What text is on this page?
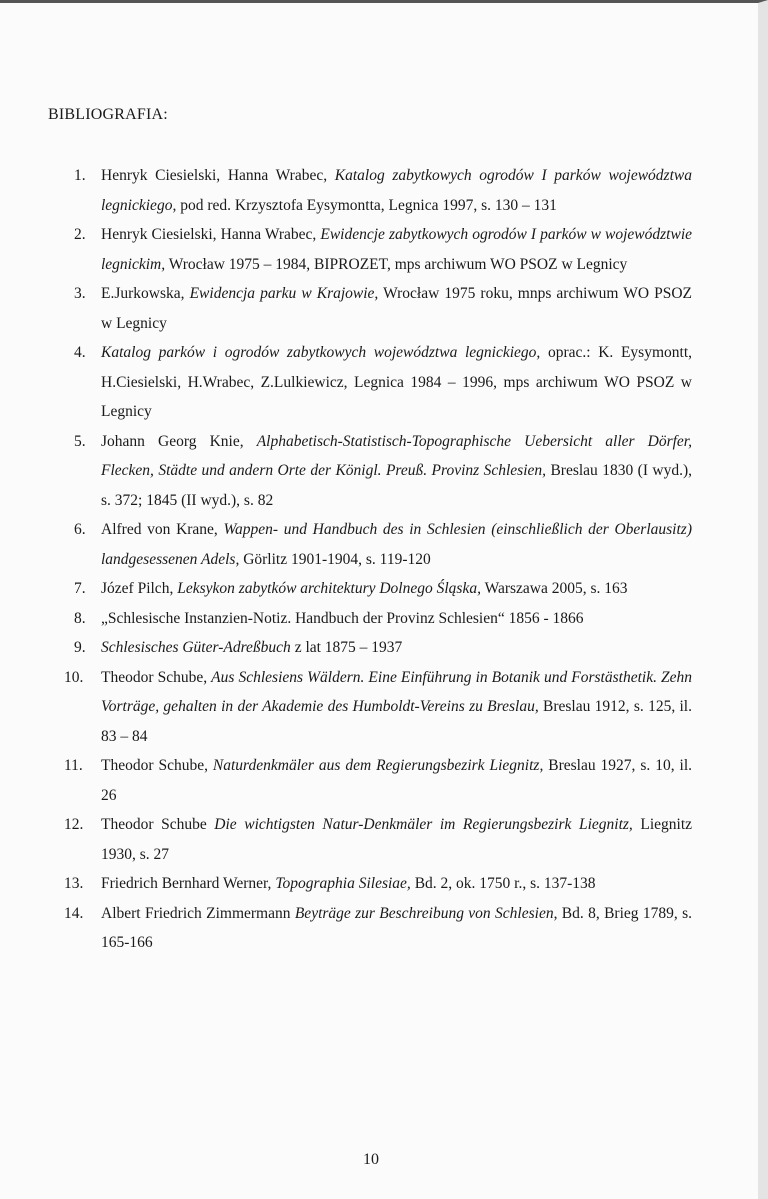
BIBLIOGRAFIA:
1. Henryk Ciesielski, Hanna Wrabec, Katalog zabytkowych ogrodów I parków województwa legnickiego, pod red. Krzysztofa Eysymontta, Legnica 1997, s. 130 – 131
2. Henryk Ciesielski, Hanna Wrabec, Ewidencje zabytkowych ogrodów I parków w województwie legnickim, Wrocław 1975 – 1984, BIPROZET, mps archiwum WO PSOZ w Legnicy
3. E.Jurkowska, Ewidencja parku w Krajowie, Wrocław 1975 roku, mnps archiwum WO PSOZ w Legnicy
4. Katalog parków i ogrodów zabytkowych województwa legnickiego, oprac.: K. Eysymontt, H.Ciesielski, H.Wrabec, Z.Lulkiewicz, Legnica 1984 – 1996, mps archiwum WO PSOZ w Legnicy
5. Johann Georg Knie, Alphabetisch-Statistisch-Topographische Uebersicht aller Dörfer, Flecken, Städte und andern Orte der Königl. Preuß. Provinz Schlesien, Breslau 1830 (I wyd.), s. 372; 1845 (II wyd.), s. 82
6. Alfred von Krane, Wappen- und Handbuch des in Schlesien (einschließlich der Oberlausitz) landgesessenen Adels, Görlitz 1901-1904, s. 119-120
7. Józef Pilch, Leksykon zabytków architektury Dolnego Śląska, Warszawa 2005, s. 163
8. „Schlesische Instanzien-Notiz. Handbuch der Provinz Schlesien“ 1856 - 1866
9. Schlesisches Güter-Adreßbuch z lat 1875 – 1937
10.	Theodor Schube, Aus Schlesiens Wäldern. Eine Einführung in Botanik und Forstästhetik. Zehn Vorträge, gehalten in der Akademie des Humboldt-Vereins zu Breslau, Breslau 1912, s. 125, il. 83 – 84
11.	Theodor Schube, Naturdenkmäler aus dem Regierungsbezirk Liegnitz, Breslau 1927, s. 10, il. 26
12.	Theodor Schube Die wichtigsten Natur-Denkmäler im Regierungsbezirk Liegnitz, Liegnitz 1930, s. 27
13.	Friedrich Bernhard Werner, Topographia Silesiae, Bd. 2, ok. 1750 r., s. 137-138
14.	Albert Friedrich Zimmermann Beyträge zur Beschreibung von Schlesien, Bd. 8, Brieg 1789, s. 165-166
10
